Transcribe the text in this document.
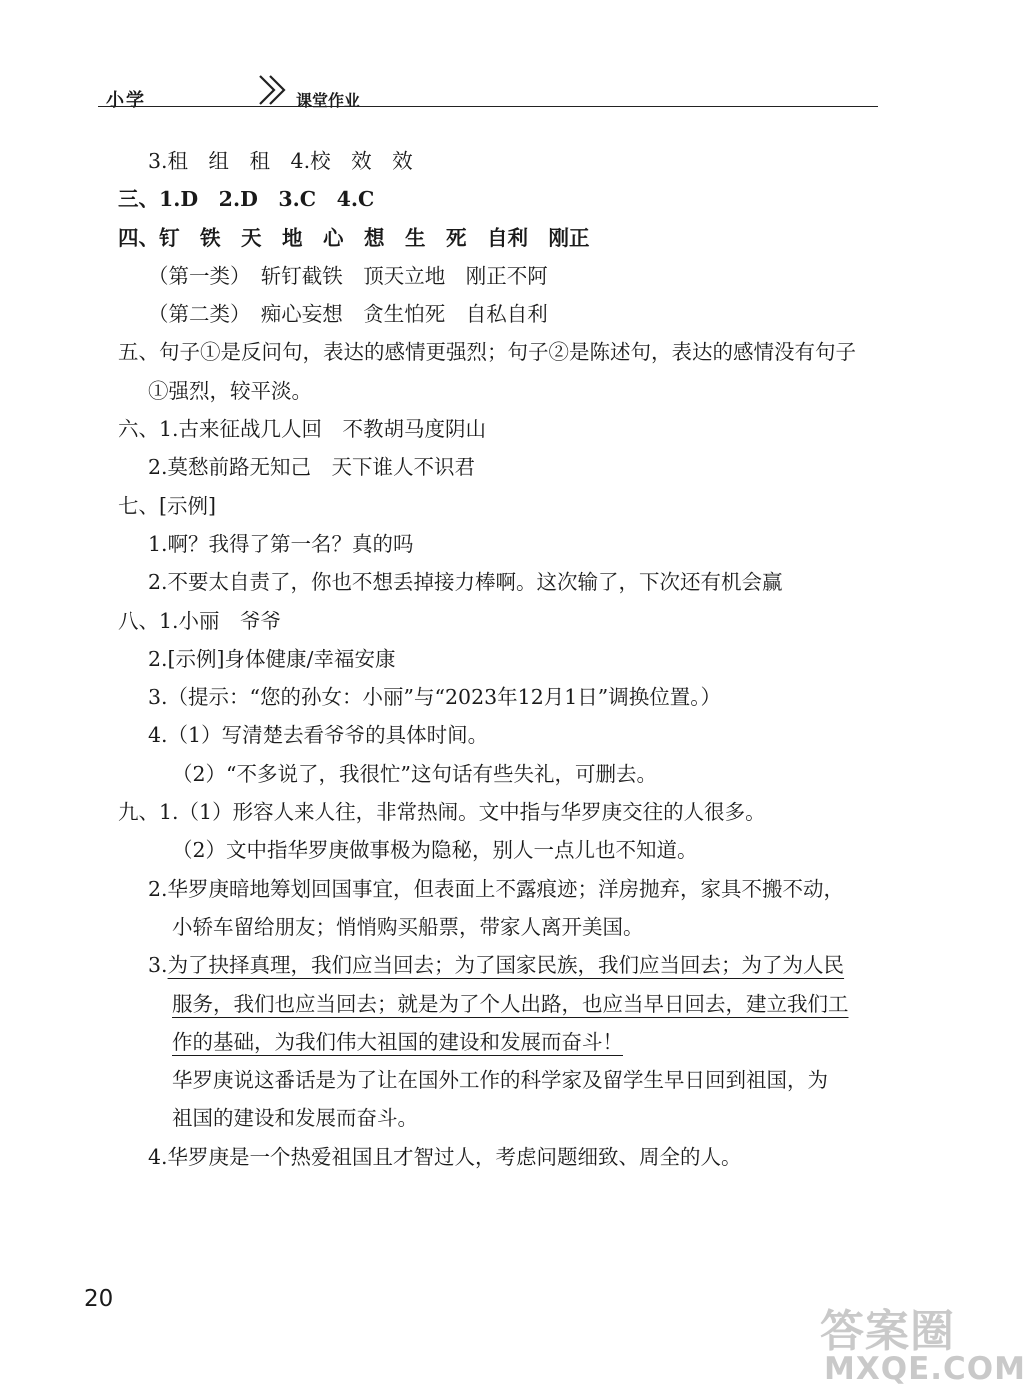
小学	课堂作业
3.租　组　租　4.校　效　效
三、1.D　2.D　3.C　4.C
四、钉　铁　天　地　心　想　生　死　自利　刚正
（第一类）　斩钉截铁　顶天立地　刚正不阿
（第二类）　痴心妄想　贪生怕死　自私自利
五、句子①是反问句，表达的感情更强烈；句子②是陈述句，表达的感情没有句子
①强烈，较平淡。
六、1.古来征战几人回　不教胡马度阴山
2.莫愁前路无知己　天下谁人不识君
七、[示例]
1.啊？我得了第一名？真的吗
2.不要太自责了，你也不想丢掉接力棒啊。这次输了，下次还有机会赢
八、1.小丽　爷爷
2.[示例]身体健康/幸福安康
3.（提示：“您的孙女：小丽”与“2023年12月1日”调换位置。）
4.（1）写清楚去看爷爷的具体时间。
（2）“不多说了，我很忙”这句话有些失礼，可删去。
九、1.（1）形容人来人往，非常热闹。文中指与华罗庚交往的人很多。
（2）文中指华罗庚做事极为隐秘，别人一点儿也不知道。
2.华罗庚暗地筹划回国事宜，但表面上不露痕迹；洋房抛弃，家具不搬不动，
小轿车留给朋友；悄悄购买船票，带家人离开美国。
3.为了抉择真理，我们应当回去；为了国家民族，我们应当回去；为了为人民
服务，我们也应当回去；就是为了个人出路，也应当早日回去，建立我们工
作的基础，为我们伟大祖国的建设和发展而奋斗！
华罗庚说这番话是为了让在国外工作的科学家及留学生早日回到祖国，为
祖国的建设和发展而奋斗。
4.华罗庚是一个热爱祖国且才智过人，考虑问题细致、周全的人。
20
答案圈
MXQE.COM
